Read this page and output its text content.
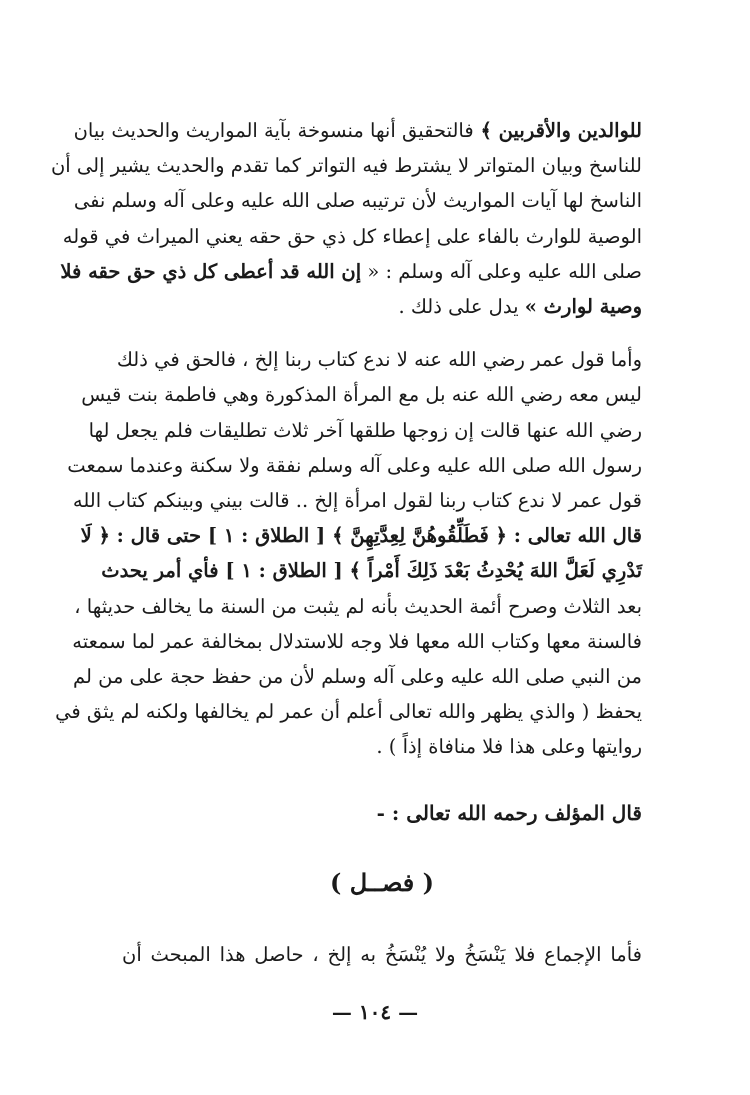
للوالدين والأقربين ﴾ فالتحقيق أنها منسوخة بآية المواريث والحديث بيان
للناسخ وبيان المتواتر لا يشترط فيه التواتر كما تقدم والحديث يشير إلى أن
الناسخ لها آيات المواريث لأن ترتيبه صلى الله عليه وعلى آله وسلم نفى
الوصية للوارث بالفاء على إعطاء كل ذي حق حقه يعني الميراث في قوله
صلى الله عليه وعلى آله وسلم : « إن الله قد أعطى كل ذي حق حقه فلا
وصية لوارث » يدل على ذلك .
وأما قول عمر رضي الله عنه لا ندع كتاب ربنا إلخ ، فالحق في ذلك
ليس معه رضي الله عنه بل مع المرأة المذكورة وهي فاطمة بنت قيس
رضي الله عنها قالت إن زوجها طلقها آخر ثلاث تطليقات فلم يجعل لها
رسول الله صلى الله عليه وعلى آله وسلم نفقة ولا سكنة وعندما سمعت
قول عمر لا ندع كتاب ربنا لقول امرأة إلخ .. قالت بيني وبينكم كتاب الله
قال الله تعالى : ﴿ فَطَلِّقُوهُنَّ لِعِدَّتِهِنَّ ﴾ [ الطلاق : ١ ] حتى قال : ﴿ لَا
تَدْرِي لَعَلَّ اللهَ يُحْدِثُ بَعْدَ ذَلِكَ أَمْراً ﴾ [ الطلاق : ١ ] فأي أمر يحدث
بعد الثلاث وصرح أئمة الحديث بأنه لم يثبت من السنة ما يخالف حديثها ،
فالسنة معها وكتاب الله معها فلا وجه للاستدلال بمخالفة عمر لما سمعته
من النبي صلى الله عليه وعلى آله وسلم لأن من حفظ حجة على من لم
يحفظ ( والذي يظهر والله تعالى أعلم أن عمر لم يخالفها ولكنه لم يثق في
روايتها وعلى هذا فلا منافاة إذاً ) .
قال المؤلف رحمه الله تعالى : -
( فصــل )
فأما الإجماع فلا يَنْسَخُ ولا يُنْسَخُ به إلخ ، حاصل هذا المبحث أن
— ١٠٤ —
